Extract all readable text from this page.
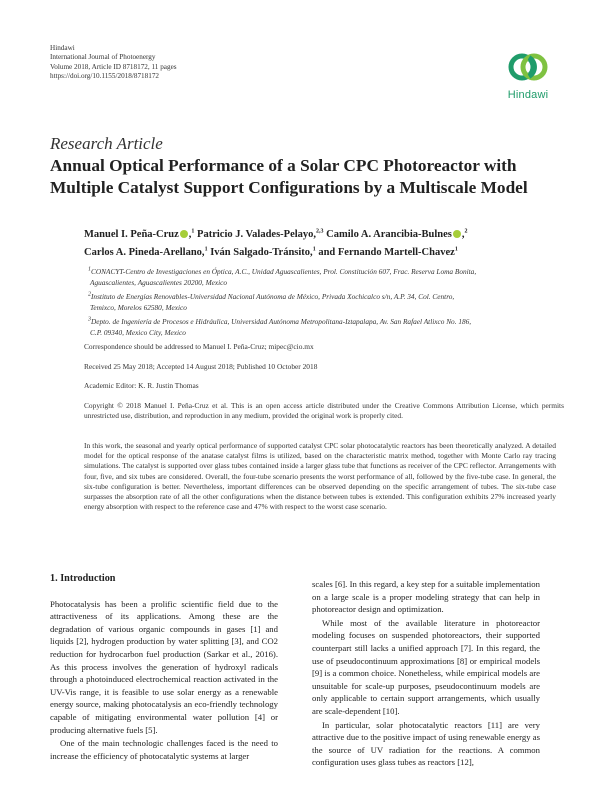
Hindawi
International Journal of Photoenergy
Volume 2018, Article ID 8718172, 11 pages
https://doi.org/10.1155/2018/8718172
Hindawi
Research Article
Annual Optical Performance of a Solar CPC Photoreactor with Multiple Catalyst Support Configurations by a Multiscale Model
Manuel I. Peña-Cruz ,$^1$ Patricio J. Valades-Pelayo,$^{2,3}$ Camilo A. Arancibia-Bulnes ,$^2$
Carlos A. Pineda-Arellano,$^1$ Iván Salgado-Tránsito,$^1$ and Fernando Martell-Chavez$^1$
$^1$CONACYT-Centro de Investigaciones en Óptica, A.C., Unidad Aguascalientes, Prol. Constitución 607, Frac. Reserva Loma Bonita,
Aguascalientes, Aguascalientes 20200, Mexico
$^2$Instituto de Energías Renovables-Universidad Nacional Autónoma de México, Privada Xochicalco s/n, A.P. 34, Col. Centro,
Temixco, Morelos 62580, Mexico
$^3$Depto. de Ingeniería de Procesos e Hidráulica, Universidad Autónoma Metropolitana-Iztapalapa, Av. San Rafael Atlixco No. 186,
C.P. 09340, Mexico City, Mexico
Correspondence should be addressed to Manuel I. Peña-Cruz; mipec@cio.mx
Received 25 May 2018; Accepted 14 August 2018; Published 10 October 2018
Academic Editor: K. R. Justin Thomas
Copyright © 2018 Manuel I. Peña-Cruz et al. This is an open access article distributed under the Creative Commons Attribution License, which permits unrestricted use, distribution, and reproduction in any medium, provided the original work is properly cited.
In this work, the seasonal and yearly optical performance of supported catalyst CPC solar photocatalytic reactors has been theoretically analyzed. A detailed model for the optical response of the anatase catalyst films is utilized, based on the characteristic matrix method, together with Monte Carlo ray tracing simulations. The catalyst is supported over glass tubes contained inside a larger glass tube that functions as receiver of the CPC reflector. Arrangements with four, five, and six tubes are considered. Overall, the four-tube scenario presents the worst performance of all, followed by the five-tube case. In general, the six-tube configuration is better. Nevertheless, important differences can be observed depending on the specific arrangement of tubes. The six-tube case surpasses the absorption rate of all the other configurations when the distance between tubes is extended. This configuration exhibits 27% increased yearly energy absorption with respect to the reference case and 47% with respect to the worst case scenario.
1. Introduction

Photocatalysis has been a prolific scientific field due to the attractiveness of its applications. Among these are the degradation of various organic compounds in gases [1] and liquids [2], hydrogen production by water splitting [3], and CO2 reduction for hydrocarbon fuel production (Sarkar et al., 2016). As this process involves the generation of hydroxyl radicals through a photoinduced electrochemical reaction activated in the UV-Vis range, it is feasible to use solar energy as a renewable energy source, making photocatalysis an eco-friendly technology capable of mitigating environmental water pollution [4] or producing alternative fuels [5].

One of the main technologic challenges faced is the need to increase the efficiency of photocatalytic systems at larger

scales [6]. In this regard, a key step for a suitable implementation on a large scale is a proper modeling strategy that can help in photoreactor design and optimization.

While most of the available literature in photoreactor modeling focuses on suspended photoreactors, their supported counterpart still lacks a unified approach [7]. In this regard, the use of pseudocontinuum approximations [8] or empirical models [9] is a common choice. Nonetheless, while empirical models are unsuitable for scale-up purposes, pseudocontinuum models are only applicable to certain support arrangements, which usually are scale-dependent [10].

In particular, solar photocatalytic reactors [11] are very attractive due to the positive impact of using renewable energy as the source of UV radiation for the reactions. A common configuration uses glass tubes as reactors [12],
